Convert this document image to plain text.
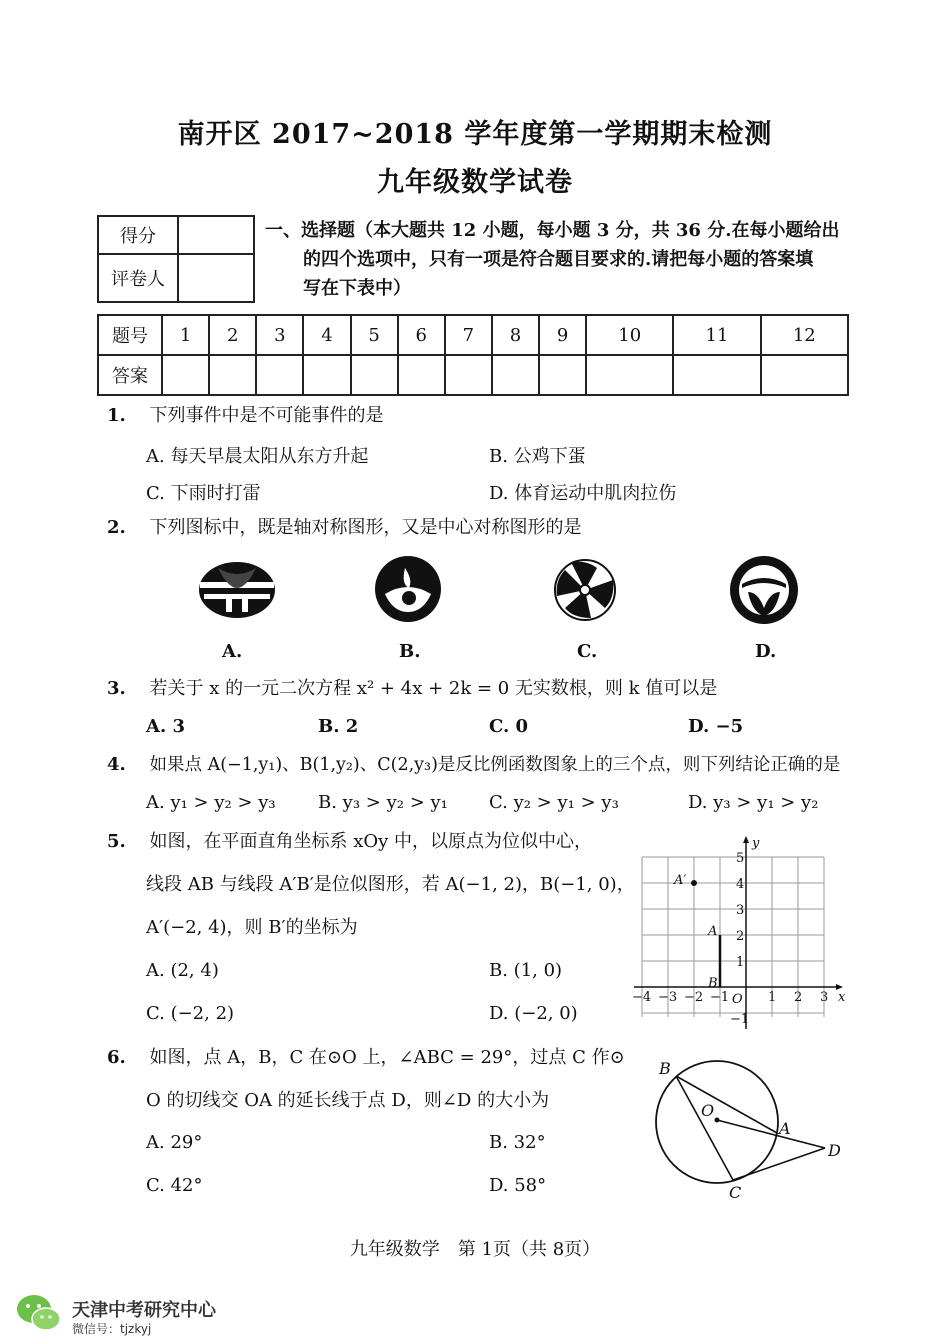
南开区 2017~2018 学年度第一学期期末检测
九年级数学试卷
得分	
评卷人	
一、选择题（本大题共 12 小题，每小题 3 分，共 36 分.在每小题给出
的四个选项中，只有一项是符合题目要求的.请把每小题的答案填
写在下表中）
题号	1	2	3	4	5	6	7	8	9	10	11	12
答案												
1. 下列事件中是不可能事件的是
A. 每天早晨太阳从东方升起	B. 公鸡下蛋
C. 下雨时打雷	D. 体育运动中肌肉拉伤
2. 下列图标中，既是轴对称图形，又是中心对称图形的是
A.	B.	C.	D.
3. 若关于 x 的一元二次方程 x² + 4x + 2k = 0 无实数根，则 k 值可以是
A. 3	B. 2	C. 0	D. −5
4. 如果点 A(−1,y₁)、B(1,y₂)、C(2,y₃)是反比例函数图象上的三个点，则下列结论正确的是
A. y₁ > y₂ > y₃ B. y₃ > y₂ > y₁ C. y₂ > y₁ > y₃	D. y₃ > y₁ > y₂
5. 如图，在平面直角坐标系 xOy 中，以原点为位似中心，
线段 AB 与线段 A′B′是位似图形，若 A(−1, 2)，B(−1, 0)，
A′(−2, 4)，则 B′的坐标为
A. (2, 4)	B. (1, 0)
C. (−2, 2)	D. (−2, 0)
−4 −3 −2 −1 O 1 2 3
5
4
3
2
1
−1
x
y
A′
A
B
6. 如图，点 A，B，C 在⊙O 上，∠ABC = 29°，过点 C 作⊙
O 的切线交 OA 的延长线于点 D，则∠D 的大小为
A. 29°	B. 32°
C. 42°	D. 58°
B
O
A
D
C
九年级数学　第 1页（共 8页）
天津中考研究中心
微信号：tjzkyj
